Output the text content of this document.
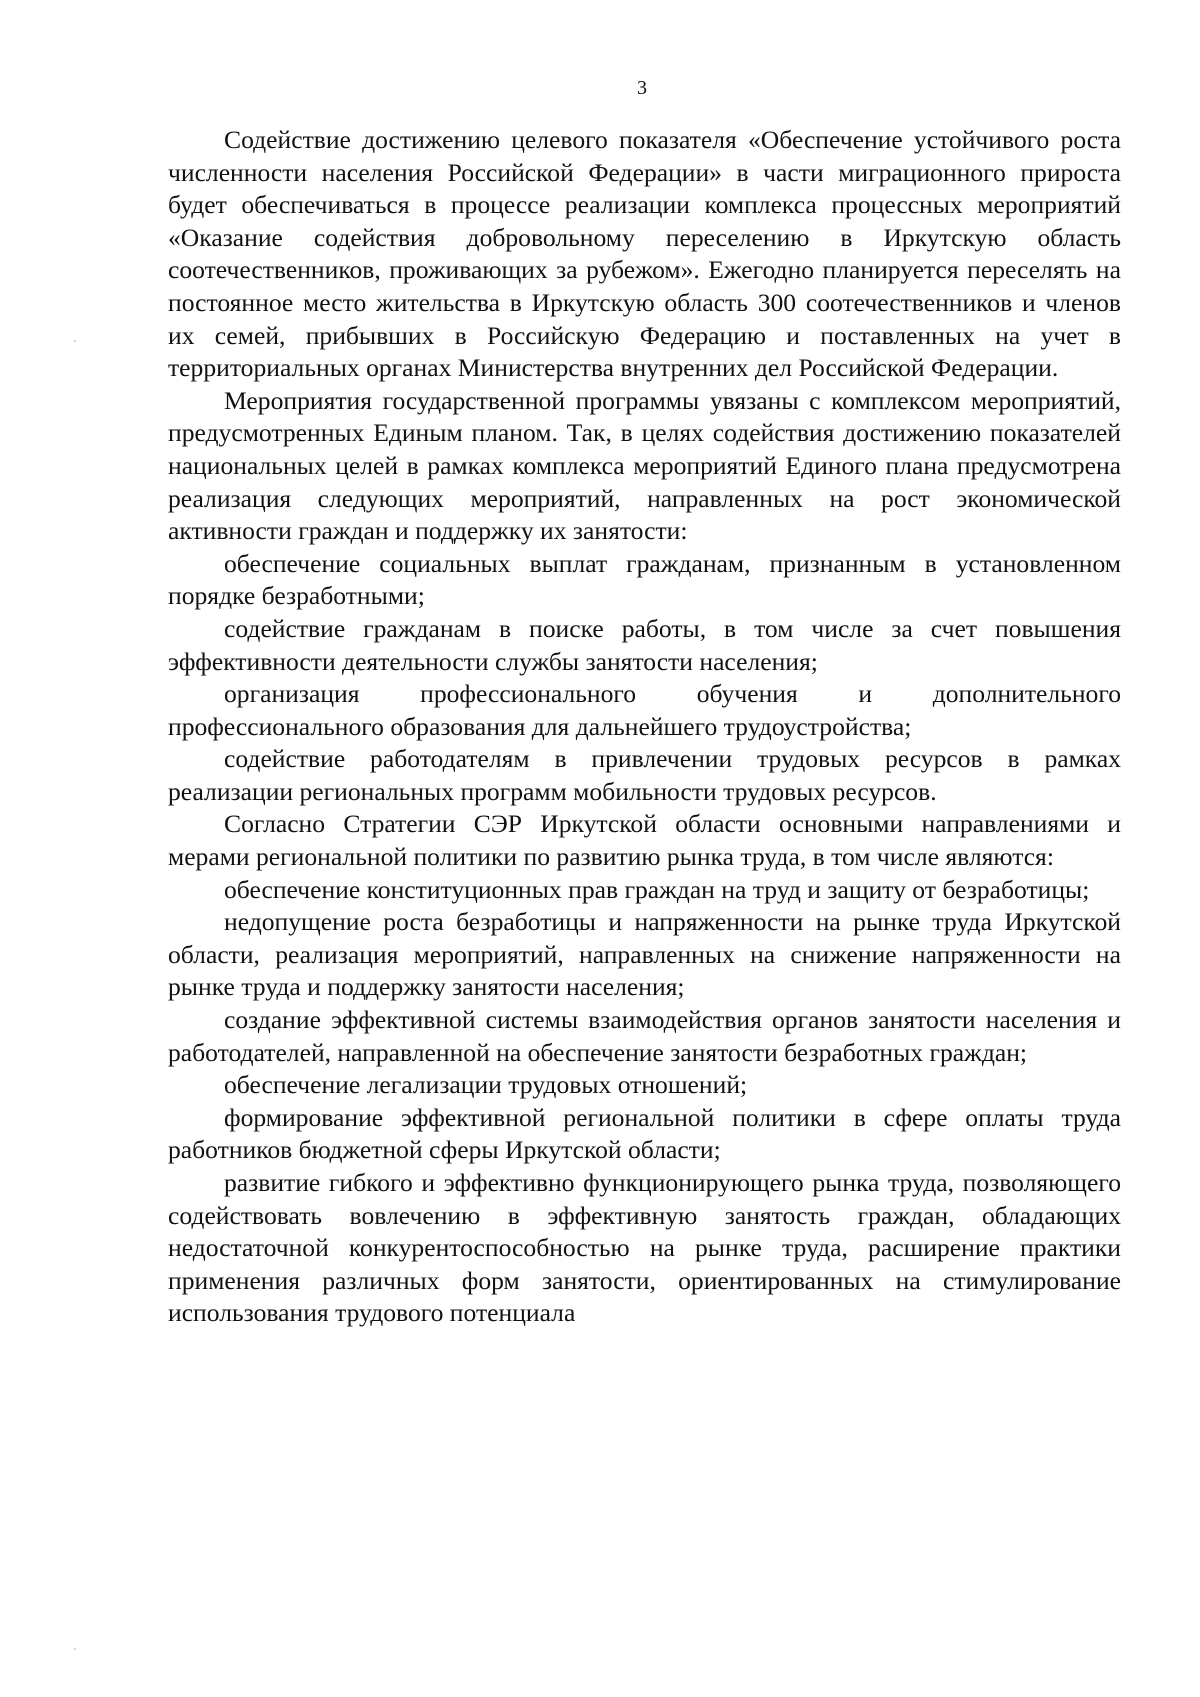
3

Содействие достижению целевого показателя «Обеспечение устойчивого роста численности населения Российской Федерации» в части миграционного прироста будет обеспечиваться в процессе реализации комплекса процессных мероприятий «Оказание содействия добровольному переселению в Иркутскую область соотечественников, проживающих за рубежом». Ежегодно планируется переселять на постоянное место жительства в Иркутскую область 300 соотечественников и членов их семей, прибывших в Российскую Федерацию и поставленных на учет в территориальных органах Министерства внутренних дел Российской Федерации.

Мероприятия государственной программы увязаны с комплексом мероприятий, предусмотренных Единым планом. Так, в целях содействия достижению показателей национальных целей в рамках комплекса мероприятий Единого плана предусмотрена реализация следующих мероприятий, направленных на рост экономической активности граждан и поддержку их занятости:

обеспечение социальных выплат гражданам, признанным в установленном порядке безработными;

содействие гражданам в поиске работы, в том числе за счет повышения эффективности деятельности службы занятости населения;

организация профессионального обучения и дополнительного профессионального образования для дальнейшего трудоустройства;

содействие работодателям в привлечении трудовых ресурсов в рамках реализации региональных программ мобильности трудовых ресурсов.

Согласно Стратегии СЭР Иркутской области основными направлениями и мерами региональной политики по развитию рынка труда, в том числе являются:

обеспечение конституционных прав граждан на труд и защиту от безработицы;

недопущение роста безработицы и напряженности на рынке труда Иркутской области, реализация мероприятий, направленных на снижение напряженности на рынке труда и поддержку занятости населения;

создание эффективной системы взаимодействия органов занятости населения и работодателей, направленной на обеспечение занятости безработных граждан;

обеспечение легализации трудовых отношений;

формирование эффективной региональной политики в сфере оплаты труда работников бюджетной сферы Иркутской области;

развитие гибкого и эффективно функционирующего рынка труда, позволяющего содействовать вовлечению в эффективную занятость граждан, обладающих недостаточной конкурентоспособностью на рынке труда, расширение практики применения различных форм занятости, ориентированных на стимулирование использования трудового потенциала
